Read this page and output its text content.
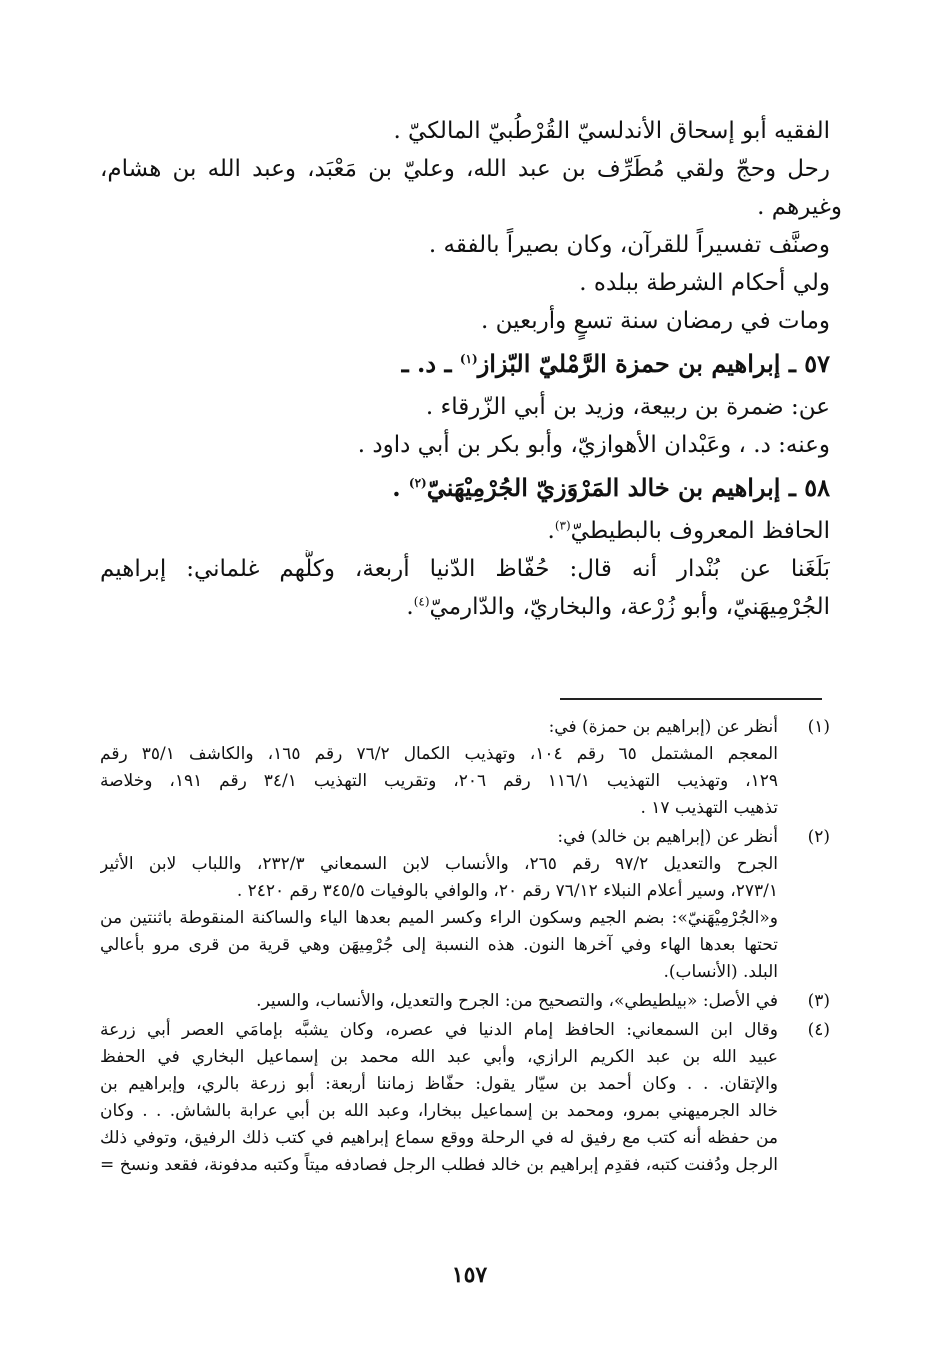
الفقيه أبو إسحاق الأندلسيّ القُرْطُبيّ المالكيّ .
رحل وحجّ ولقي مُطَرِّف بن عبد الله، وعليّ بن مَعْبَد، وعبد الله بن هشام،
وغيرهم .
وصنَّف تفسيراً للقرآن، وكان بصيراً بالفقه .
ولي أحكام الشرطة ببلده .
ومات في رمضان سنة تسعٍ وأربعين .
٥٧ ـ إبراهيم بن حمزة الرَّمْليّ البّزاز$^{(١)}$ ـ د. ـ
عن: ضمرة بن ربيعة، وزيد بن أبي الزّرقاء .
وعنه: د. ، وعَبْدان الأهوازيّ، وأبو بكر بن أبي داود .
٥٨ ـ إبراهيم بن خالد المَرْوَزيّ الجُرْمِيْهَنيّ$^{(٢)}$ .
الحافظ المعروف بالبطيطيّ$^{(٣)}$.
بَلَغَنا عن بُنْدار أنه قال: حُفّاظ الدّنيا أربعة، وكلُّهم غلماني: إبراهيم
الجُرْمِيهَنيّ، وأبو زُرْعة، والبخاريّ، والدّارميّ$^{(٤)}$.
(١)
أنظر عن (إبراهيم بن حمزة) في:
المعجم المشتمل ٦٥ رقم ١٠٤، وتهذيب الكمال ٧٦/٢ رقم ١٦٥، والكاشف ٣٥/١ رقم
١٢٩، وتهذيب التهذيب ١١٦/١ رقم ٢٠٦، وتقريب التهذيب ٣٤/١ رقم ١٩١، وخلاصة
تذهيب التهذيب ١٧ .
(٢)
أنظر عن (إبراهيم بن خالد) في:
الجرح والتعديل ٩٧/٢ رقم ٢٦٥، والأنساب لابن السمعاني ٢٣٢/٣، واللباب لابن الأثير
٢٧٣/١، وسير أعلام النبلاء ٧٦/١٢ رقم ٢٠، والوافي بالوفيات ٣٤٥/٥ رقم ٢٤٢٠ .
و«الجُرْمِيْهَنيّ»: بضم الجيم وسكون الراء وكسر الميم بعدها الياء والساكنة المنقوطة باثنتين من
تحتها بعدها الهاء وفي آخرها النون. هذه النسبة إلى جُرْمِيهَن وهي قرية من قرى مرو بأعالي
البلد. (الأنساب).
(٣)
في الأصل: «بيلطيطي»، والتصحيح من: الجرح والتعديل، والأنساب، والسير.
(٤)
وقال ابن السمعاني: الحافظ إمام الدنيا في عصره، وكان يشبَّه بإمامَي العصر أبي زرعة
عبيد الله بن عبد الكريم الرازي، وأبي عبد الله محمد بن إسماعيل البخاري في الحفظ
والإتقان. . . وكان أحمد بن سيّار يقول: حفّاظ زماننا أربعة: أبو زرعة بالري، وإبراهيم بن
خالد الجرميهني بمرو، ومحمد بن إسماعيل ببخارا، وعبد الله بن أبي عرابة بالشاش. . . وكان
من حفظه أنه كتب مع رفيق له في الرحلة ووقع سماع إبراهيم في كتب ذلك الرفيق، وتوفي ذلك
الرجل ودُفنت كتبه، فقدِم إبراهيم بن خالد فطلب الرجل فصادفه ميتاً وكتبه مدفونة، فقعد ونسخ =
١٥٧
